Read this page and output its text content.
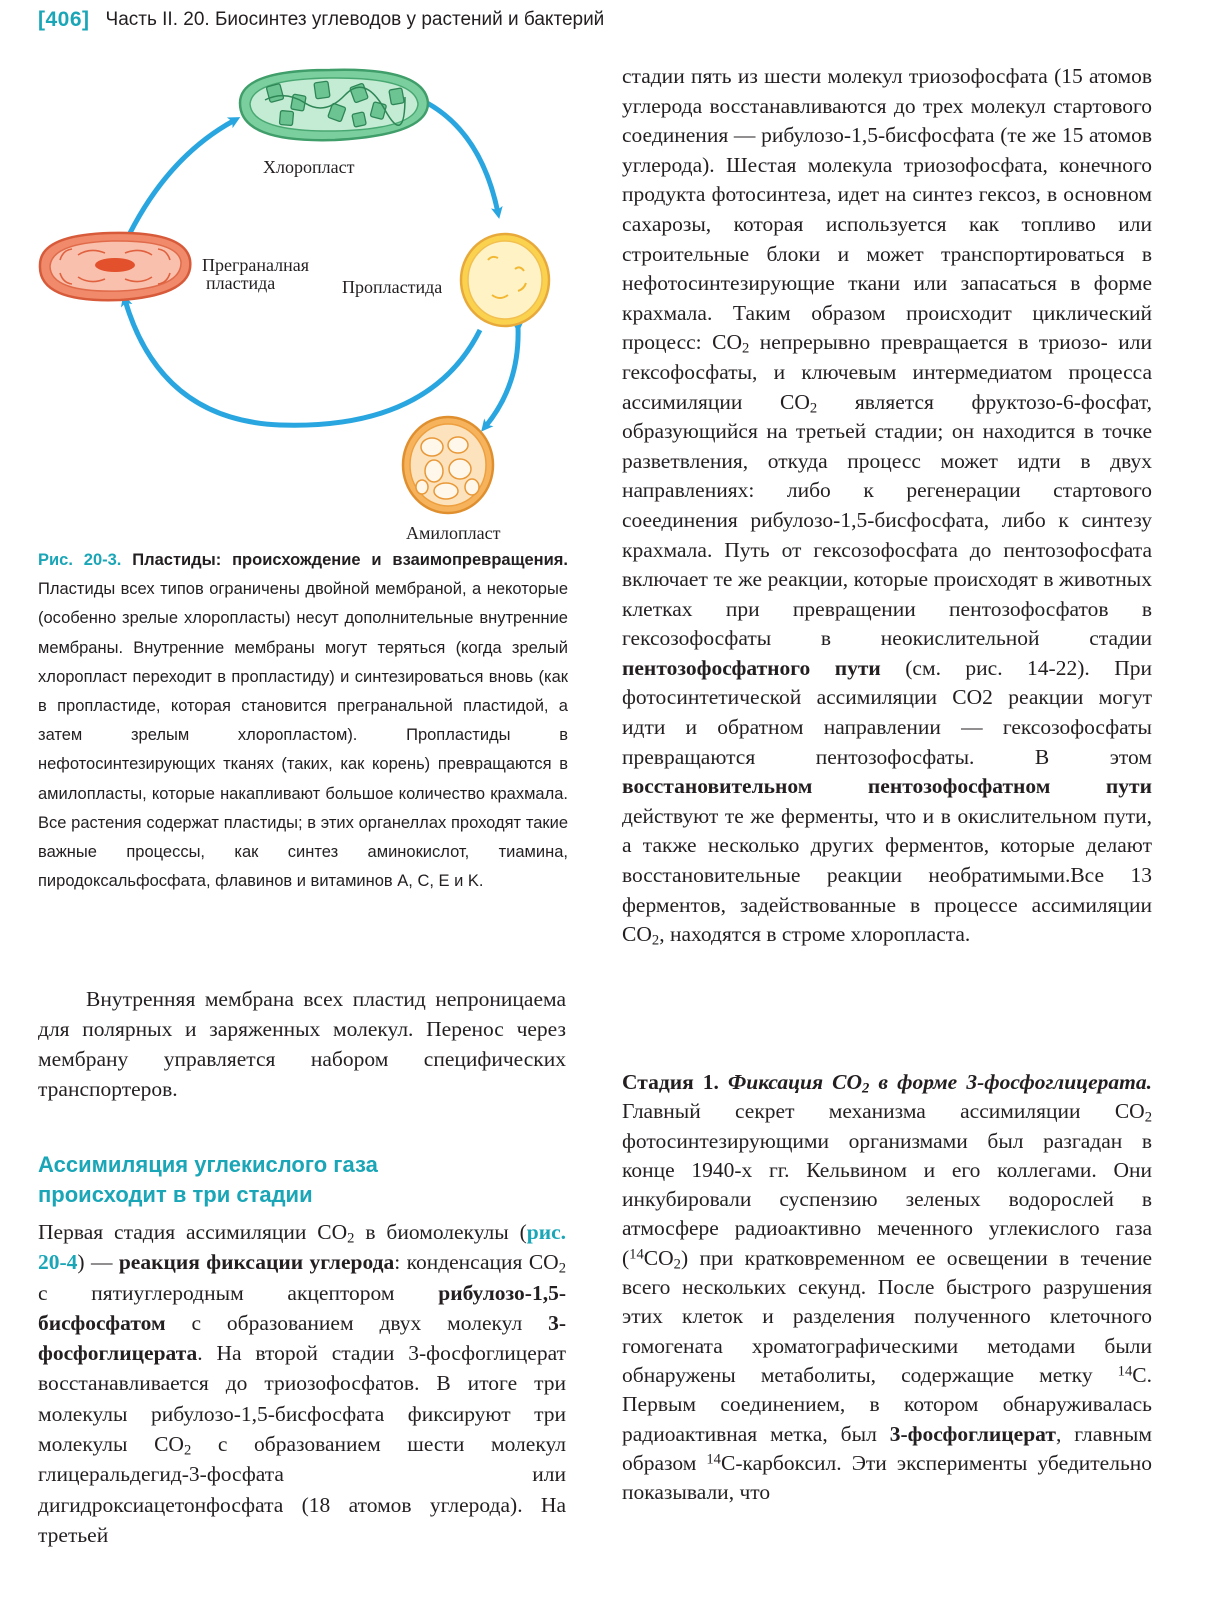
[406] Часть II. 20. Биосинтез углеводов у растений и бактерий
Хлоропласт
Преграналная
пластида	Пропластида
Амилопласт
Рис. 20-3. Пластиды: происхождение и взаимопревращения. Пластиды всех типов ограничены двойной мембраной, а некоторые (особенно зрелые хлоропласты) несут дополнительные внутренние мембраны. Внутренние мембраны могут теряться (когда зрелый хлоропласт переходит в пропластиду) и синтезироваться вновь (как в пропластиде, которая становится прегранальной пластидой, а затем зрелым хлоропластом). Пропластиды в нефотосинтезирующих тканях (таких, как корень) превращаются в амилопласты, которые накапливают большое количество крахмала. Все растения содержат пластиды; в этих органеллах проходят такие важные процессы, как синтез аминокислот, тиамина, пиродоксальфосфата, флавинов и витаминов A, C, E и K.
Внутренняя мембрана всех пластид непроницаема для полярных и заряженных молекул. Перенос через мембрану управляется набором специфических транспортеров.
Ассимиляция углекислого газа
происходит в три стадии
Первая стадия ассимиляции $CO_2$ в биомолекулы (рис. 20-4) — реакция фиксации углерода: конденсация $CO_2$ с пятиуглеродным акцептором рибулозо-1,5-бисфосфатом с образованием двух молекул 3-фосфоглицерата. На второй стадии 3-фосфоглицерат восстанавливается до триозофосфатов. В итоге три молекулы рибулозо-1,5-бисфосфата фиксируют три молекулы $CO_2$ с образованием шести молекул глицеральдегид-3-фосфата или дигидроксиацетонфосфата (18 атомов углерода). На третьей
стадии пять из шести молекул триозофосфата (15 атомов углерода восстанавливаются до трех молекул стартового соединения — рибулозо-1,5-бисфосфата (те же 15 атомов углерода). Шестая молекула триозофосфата, конечного продукта фотосинтеза, идет на синтез гексоз, в основном сахарозы, которая используется как топливо или строительные блоки и может транспортироваться в нефотосинтезирующие ткани или запасаться в форме крахмала. Таким образом происходит циклический процесс: $CO_2$ непрерывно превращается в триозо- или гексофосфаты, и ключевым интермедиатом процесса ассимиляции $CO_2$ является фруктозо-6-фосфат, образующийся на третьей стадии; он находится в точке разветвления, откуда процесс может идти в двух направлениях: либо к регенерации стартового соеединения рибулозо-1,5-бисфосфата, либо к синтезу крахмала. Путь от гексозофосфата до пентозофосфата включает те же реакции, которые происходят в животных клетках при превращении пентозофосфатов в гексозофосфаты в неокислительной стадии пентозофосфатного пути (см. рис. 14-22). При фотосинтетической ассимиляции CO2 реакции могут идти и обратном направлении — гексозофосфаты превращаются пентозофосфаты. В этом восстановительном пентозофосфатном пути действуют те же ферменты, что и в окислительном пути, а также несколько других ферментов, которые делают восстановительные реакции необратимыми.Все 13 ферментов, задействованные в процессе ассимиляции $CO_2$, находятся в строме хлоропласта.
Стадия 1. Фиксация $CO_2$ в форме 3-фосфоглицерата. Главный секрет механизма ассимиляции $CO_2$ фотосинтезирующими организмами был разгадан в конце 1940-х гг. Кельвином и его коллегами. Они инкубировали суспензию зеленых водорослей в атмосфере радиоактивно меченного углекислого газа $(^{14}CO_2)$ при кратковременном ее освещении в течение всего нескольких секунд. После быстрого разрушения этих клеток и разделения полученного клеточного гомогената хроматографическими методами были обнаружены метаболиты, содержащие метку $^{14}$C. Первым соединением, в котором обнаруживалась радиоактивная метка, был 3-фосфоглицерат, главным образом $^{14}$C-карбоксил. Эти эксперименты убедительно показывали, что
